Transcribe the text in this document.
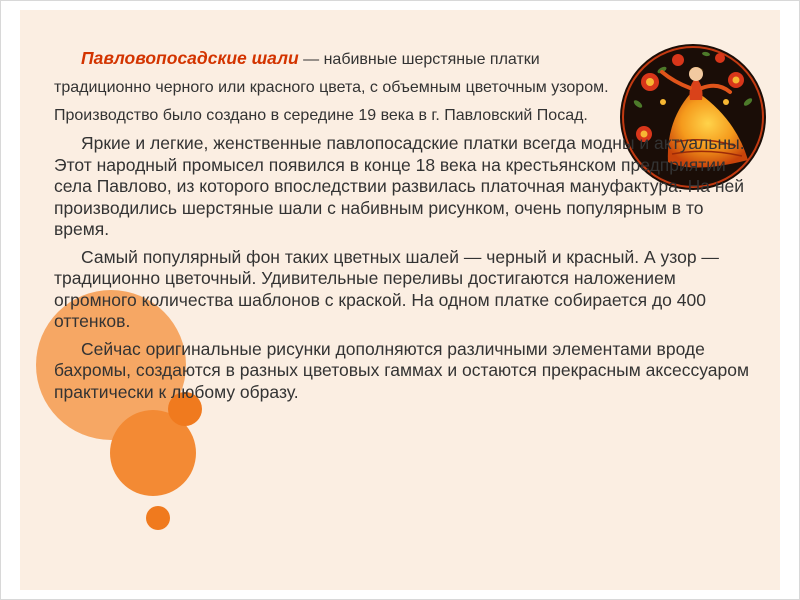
Павловопосадские шали — набивные шерстяные платки традиционно черного или красного цвета, с объемным цветочным узором. Производство было создано в середине 19 века в г. Павловский Посад.

Яркие и легкие, женственные павлопосадские платки всегда модны и актуальны. Этот народный промысел появился в конце 18 века на крестьянском предприятии села Павлово, из которого впоследствии развилась платочная мануфактура. На ней производились шерстяные шали с набивным рисунком, очень популярным в то время.

Самый популярный фон таких цветных шалей — черный и красный. А узор — традиционно цветочный. Удивительные переливы достигаются наложением огромного количества шаблонов с краской. На одном платке собирается до 400 оттенков.

Сейчас оригинальные рисунки дополняются различными элементами вроде бахромы, создаются в разных цветовых гаммах и остаются прекрасным аксессуаром практически к любому образу.
